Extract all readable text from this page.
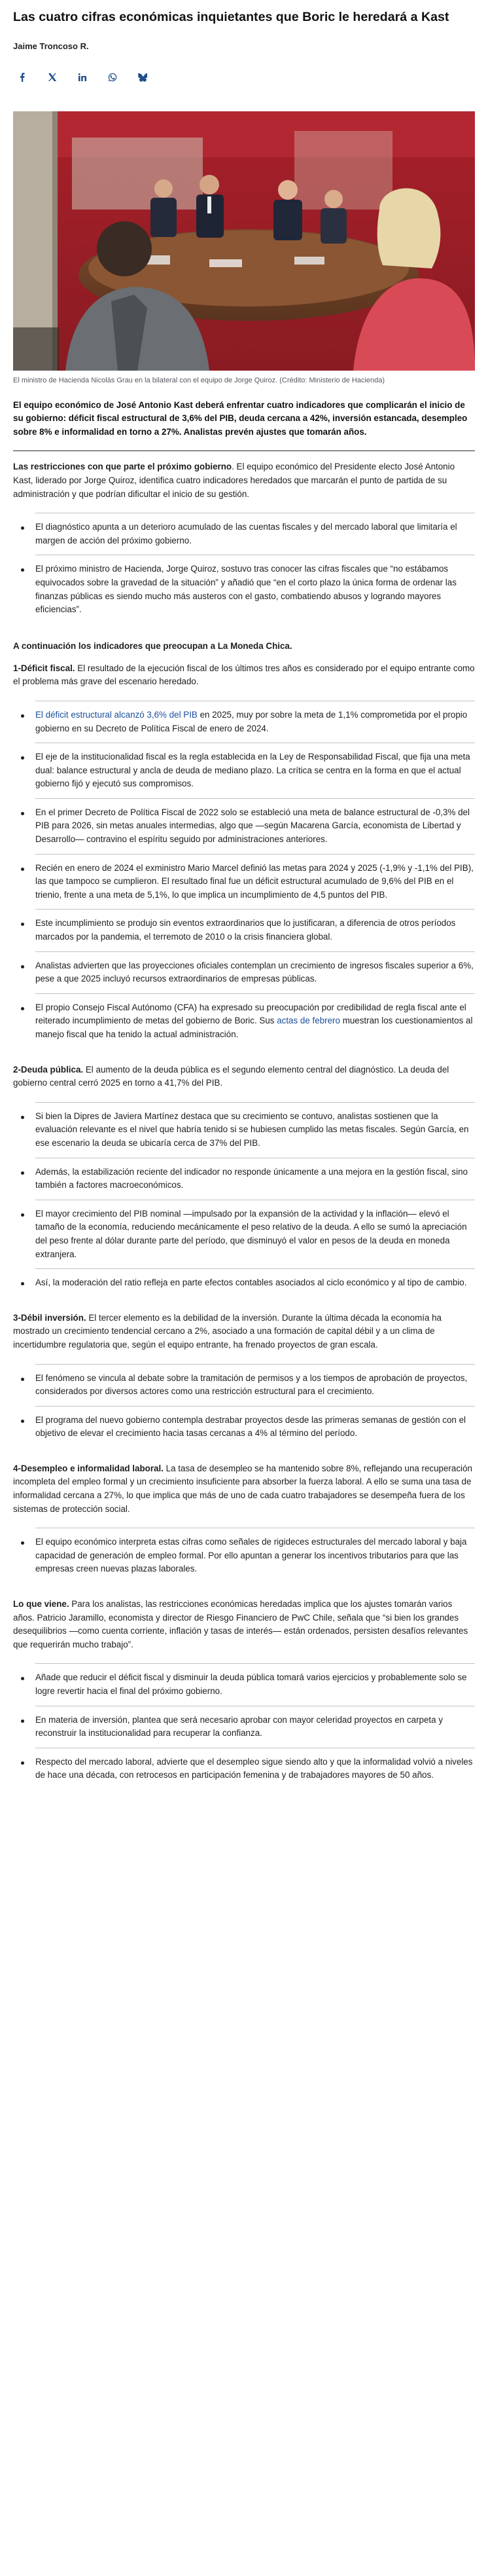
Las cuatro cifras económicas inquietantes que Boric le heredará a Kast
Jaime Troncoso R.
El ministro de Hacienda Nicolás Grau en la bilateral con el equipo de Jorge Quiroz. (Crédito: Ministerio de Hacienda)
El equipo económico de José Antonio Kast deberá enfrentar cuatro indicadores que complicarán el inicio de su gobierno: déficit fiscal estructural de 3,6% del PIB, deuda cercana a 42%, inversión estancada, desempleo sobre 8% e informalidad en torno a 27%. Analistas prevén ajustes que tomarán años.

Las restricciones con que parte el próximo gobierno. El equipo económico del Presidente electo José Antonio Kast, liderado por Jorge Quiroz, identifica cuatro indicadores heredados que marcarán el punto de partida de su administración y que podrían dificultar el inicio de su gestión.

El diagnóstico apunta a un deterioro acumulado de las cuentas fiscales y del mercado laboral que limitaría el margen de acción del próximo gobierno.
El próximo ministro de Hacienda, Jorge Quiroz, sostuvo tras conocer las cifras fiscales que “no estábamos equivocados sobre la gravedad de la situación” y añadió que “en el corto plazo la única forma de ordenar las finanzas públicas es siendo mucho más austeros con el gasto, combatiendo abusos y logrando mayores eficiencias”.
A continuación los indicadores que preocupan a La Moneda Chica.

1-Déficit fiscal. El resultado de la ejecución fiscal de los últimos tres años es considerado por el equipo entrante como el problema más grave del escenario heredado.

El déficit estructural alcanzó 3,6% del PIB en 2025, muy por sobre la meta de 1,1% comprometida por el propio gobierno en su Decreto de Política Fiscal de enero de 2024.
El eje de la institucionalidad fiscal es la regla establecida en la Ley de Responsabilidad Fiscal, que fija una meta dual: balance estructural y ancla de deuda de mediano plazo. La crítica se centra en la forma en que el actual gobierno fijó y ejecutó sus compromisos.
En el primer Decreto de Política Fiscal de 2022 solo se estableció una meta de balance estructural de -0,3% del PIB para 2026, sin metas anuales intermedias, algo que —según Macarena García, economista de Libertad y Desarrollo— contravino el espíritu seguido por administraciones anteriores.
Recién en enero de 2024 el exministro Mario Marcel definió las metas para 2024 y 2025 (-1,9% y -1,1% del PIB), las que tampoco se cumplieron. El resultado final fue un déficit estructural acumulado de 9,6% del PIB en el trienio, frente a una meta de 5,1%, lo que implica un incumplimiento de 4,5 puntos del PIB.
Este incumplimiento se produjo sin eventos extraordinarios que lo justificaran, a diferencia de otros períodos marcados por la pandemia, el terremoto de 2010 o la crisis financiera global.
Analistas advierten que las proyecciones oficiales contemplan un crecimiento de ingresos fiscales superior a 6%, pese a que 2025 incluyó recursos extraordinarios de empresas públicas.
El propio Consejo Fiscal Autónomo (CFA) ha expresado su preocupación por credibilidad de regla fiscal ante el reiterado incumplimiento de metas del gobierno de Boric. Sus actas de febrero muestran los cuestionamientos al manejo fiscal que ha tenido la actual administración.

2-Deuda pública. El aumento de la deuda pública es el segundo elemento central del diagnóstico. La deuda del gobierno central cerró 2025 en torno a 41,7% del PIB.

Si bien la Dipres de Javiera Martínez destaca que su crecimiento se contuvo, analistas sostienen que la evaluación relevante es el nivel que habría tenido si se hubiesen cumplido las metas fiscales. Según García, en ese escenario la deuda se ubicaría cerca de 37% del PIB.
Además, la estabilización reciente del indicador no responde únicamente a una mejora en la gestión fiscal, sino también a factores macroeconómicos.
El mayor crecimiento del PIB nominal —impulsado por la expansión de la actividad y la inflación— elevó el tamaño de la economía, reduciendo mecánicamente el peso relativo de la deuda. A ello se sumó la apreciación del peso frente al dólar durante parte del período, que disminuyó el valor en pesos de la deuda en moneda extranjera.
Así, la moderación del ratio refleja en parte efectos contables asociados al ciclo económico y al tipo de cambio.

3-Débil inversión. El tercer elemento es la debilidad de la inversión. Durante la última década la economía ha mostrado un crecimiento tendencial cercano a 2%, asociado a una formación de capital débil y a un clima de incertidumbre regulatoria que, según el equipo entrante, ha frenado proyectos de gran escala.

El fenómeno se vincula al debate sobre la tramitación de permisos y a los tiempos de aprobación de proyectos, considerados por diversos actores como una restricción estructural para el crecimiento.
El programa del nuevo gobierno contempla destrabar proyectos desde las primeras semanas de gestión con el objetivo de elevar el crecimiento hacia tasas cercanas a 4% al término del período.

4-Desempleo e informalidad laboral. La tasa de desempleo se ha mantenido sobre 8%, reflejando una recuperación incompleta del empleo formal y un crecimiento insuficiente para absorber la fuerza laboral. A ello se suma una tasa de informalidad cercana a 27%, lo que implica que más de uno de cada cuatro trabajadores se desempeña fuera de los sistemas de protección social.

El equipo económico interpreta estas cifras como señales de rigideces estructurales del mercado laboral y baja capacidad de generación de empleo formal. Por ello apuntan a generar los incentivos tributarios para que las empresas creen nuevas plazas laborales.

Lo que viene. Para los analistas, las restricciones económicas heredadas implica que los ajustes tomarán varios años. Patricio Jaramillo, economista y director de Riesgo Financiero de PwC Chile, señala que “si bien los grandes desequilibrios —como cuenta corriente, inflación y tasas de interés— están ordenados, persisten desafíos relevantes que requerirán mucho trabajo”.

Añade que reducir el déficit fiscal y disminuir la deuda pública tomará varios ejercicios y probablemente solo se logre revertir hacia el final del próximo gobierno.
En materia de inversión, plantea que será necesario aprobar con mayor celeridad proyectos en carpeta y reconstruir la institucionalidad para recuperar la confianza.
Respecto del mercado laboral, advierte que el desempleo sigue siendo alto y que la informalidad volvió a niveles de hace una década, con retrocesos en participación femenina y de trabajadores mayores de 50 años.
